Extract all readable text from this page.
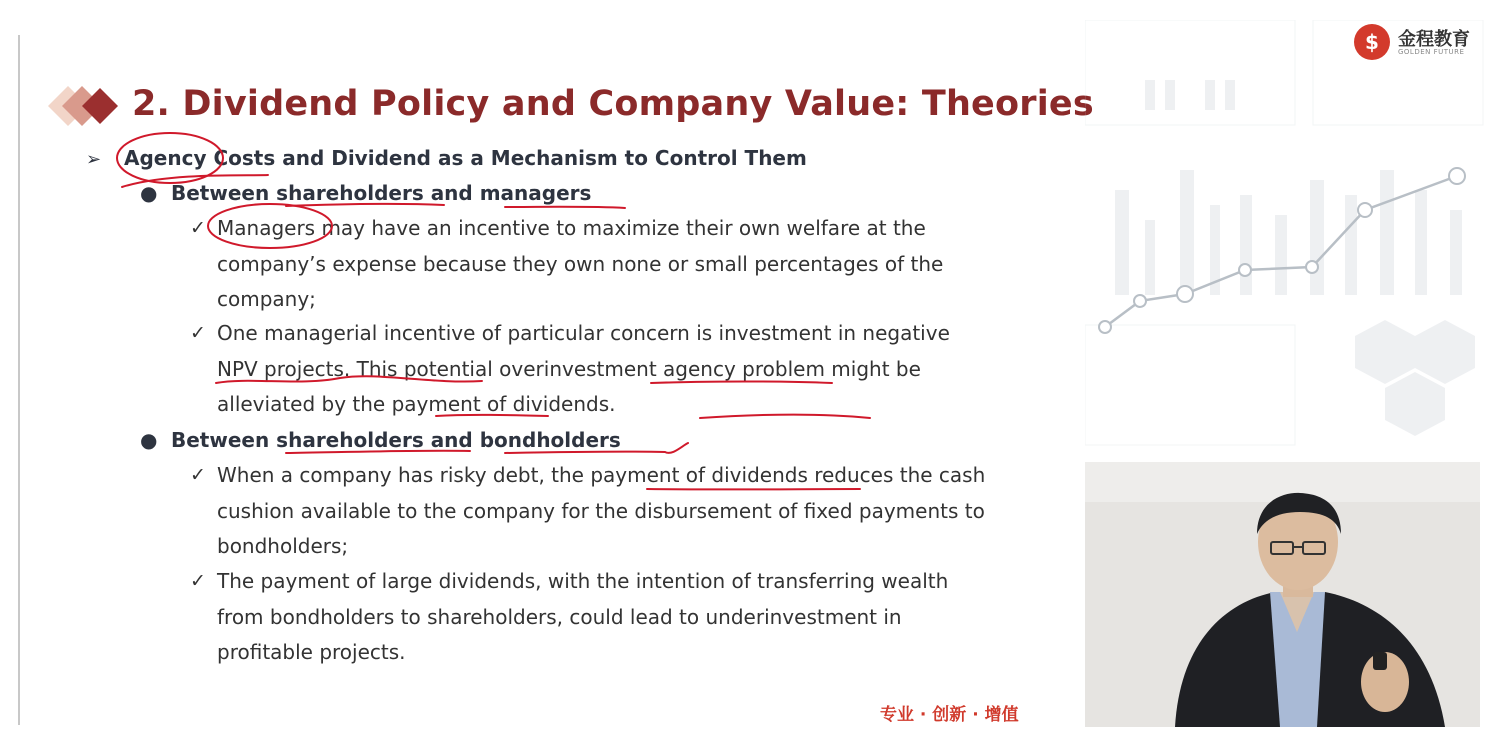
2. Dividend Policy and Company Value: Theories
➢ Agency Costs and Dividend as a Mechanism to Control Them
● Between shareholders and managers
✓ Managers may have an incentive to maximize their own welfare at the company’s expense because they own none or small percentages of the company;
✓ One managerial incentive of particular concern is investment in negative NPV projects. This potential overinvestment agency problem might be alleviated by the payment of dividends.
● Between shareholders and bondholders
✓ When a company has risky debt, the payment of dividends reduces the cash cushion available to the company for the disbursement of fixed payments to bondholders;
✓ The payment of large dividends, with the intention of transferring wealth from bondholders to shareholders, could lead to underinvestment in profitable projects.
专业 · 创新 · 增值
$	金程教育
GOLDEN FUTURE
